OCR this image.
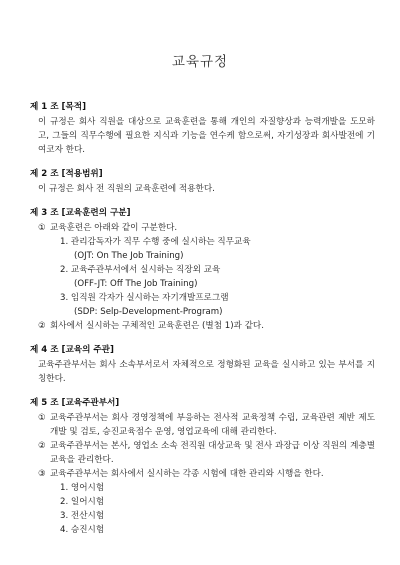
교육규정
제 1 조 [목적]
이 규정은 회사 직원을 대상으로 교육훈련을 통해 개인의 자질향상과 능력개발을 도모하고, 그들의 직무수행에 필요한 지식과 기능을 연수케 함으로써, 자기성장과 회사발전에 기여코자 한다.
제 2 조 [적용범위]
이 규정은 회사 전 직원의 교육훈련에 적용한다.
제 3 조 [교육훈련의 구분]
① 교육훈련은 아래와 같이 구분한다.
1. 관리감독자가 직무 수행 중에 실시하는 직무교육
(OJT: On The Job Training)
2. 교육주관부서에서 실시하는 직장외 교육
(OFF-JT: Off The Job Training)
3. 임직원 각자가 실시하는 자기개발프로그램
(SDP: Selp-Development-Program)
② 회사에서 실시하는 구체적인 교육훈련은 (별첨 1)과 같다.
제 4 조 [교육의 주관]
교육주관부서는 회사 소속부서로서 자체적으로 정형화된 교육을 실시하고 있는 부서를 지칭한다.
제 5 조 [교육주관부서]
① 교육주관부서는 회사 경영정책에 부응하는 전사적 교육정책 수립, 교육관련 제반 제도 개발 및 검토, 승진교육점수 운영, 영업교육에 대해 관리한다.
② 교육주관부서는 본사, 영업소 소속 전직원 대상교육 및 전사 과장급 이상 직원의 계층별 교육을 관리한다.
③ 교육주관부서는 회사에서 실시하는 각종 시험에 대한 관리와 시행을 한다.
1. 영어시험
2. 일어시험
3. 전산시험
4. 승진시험
